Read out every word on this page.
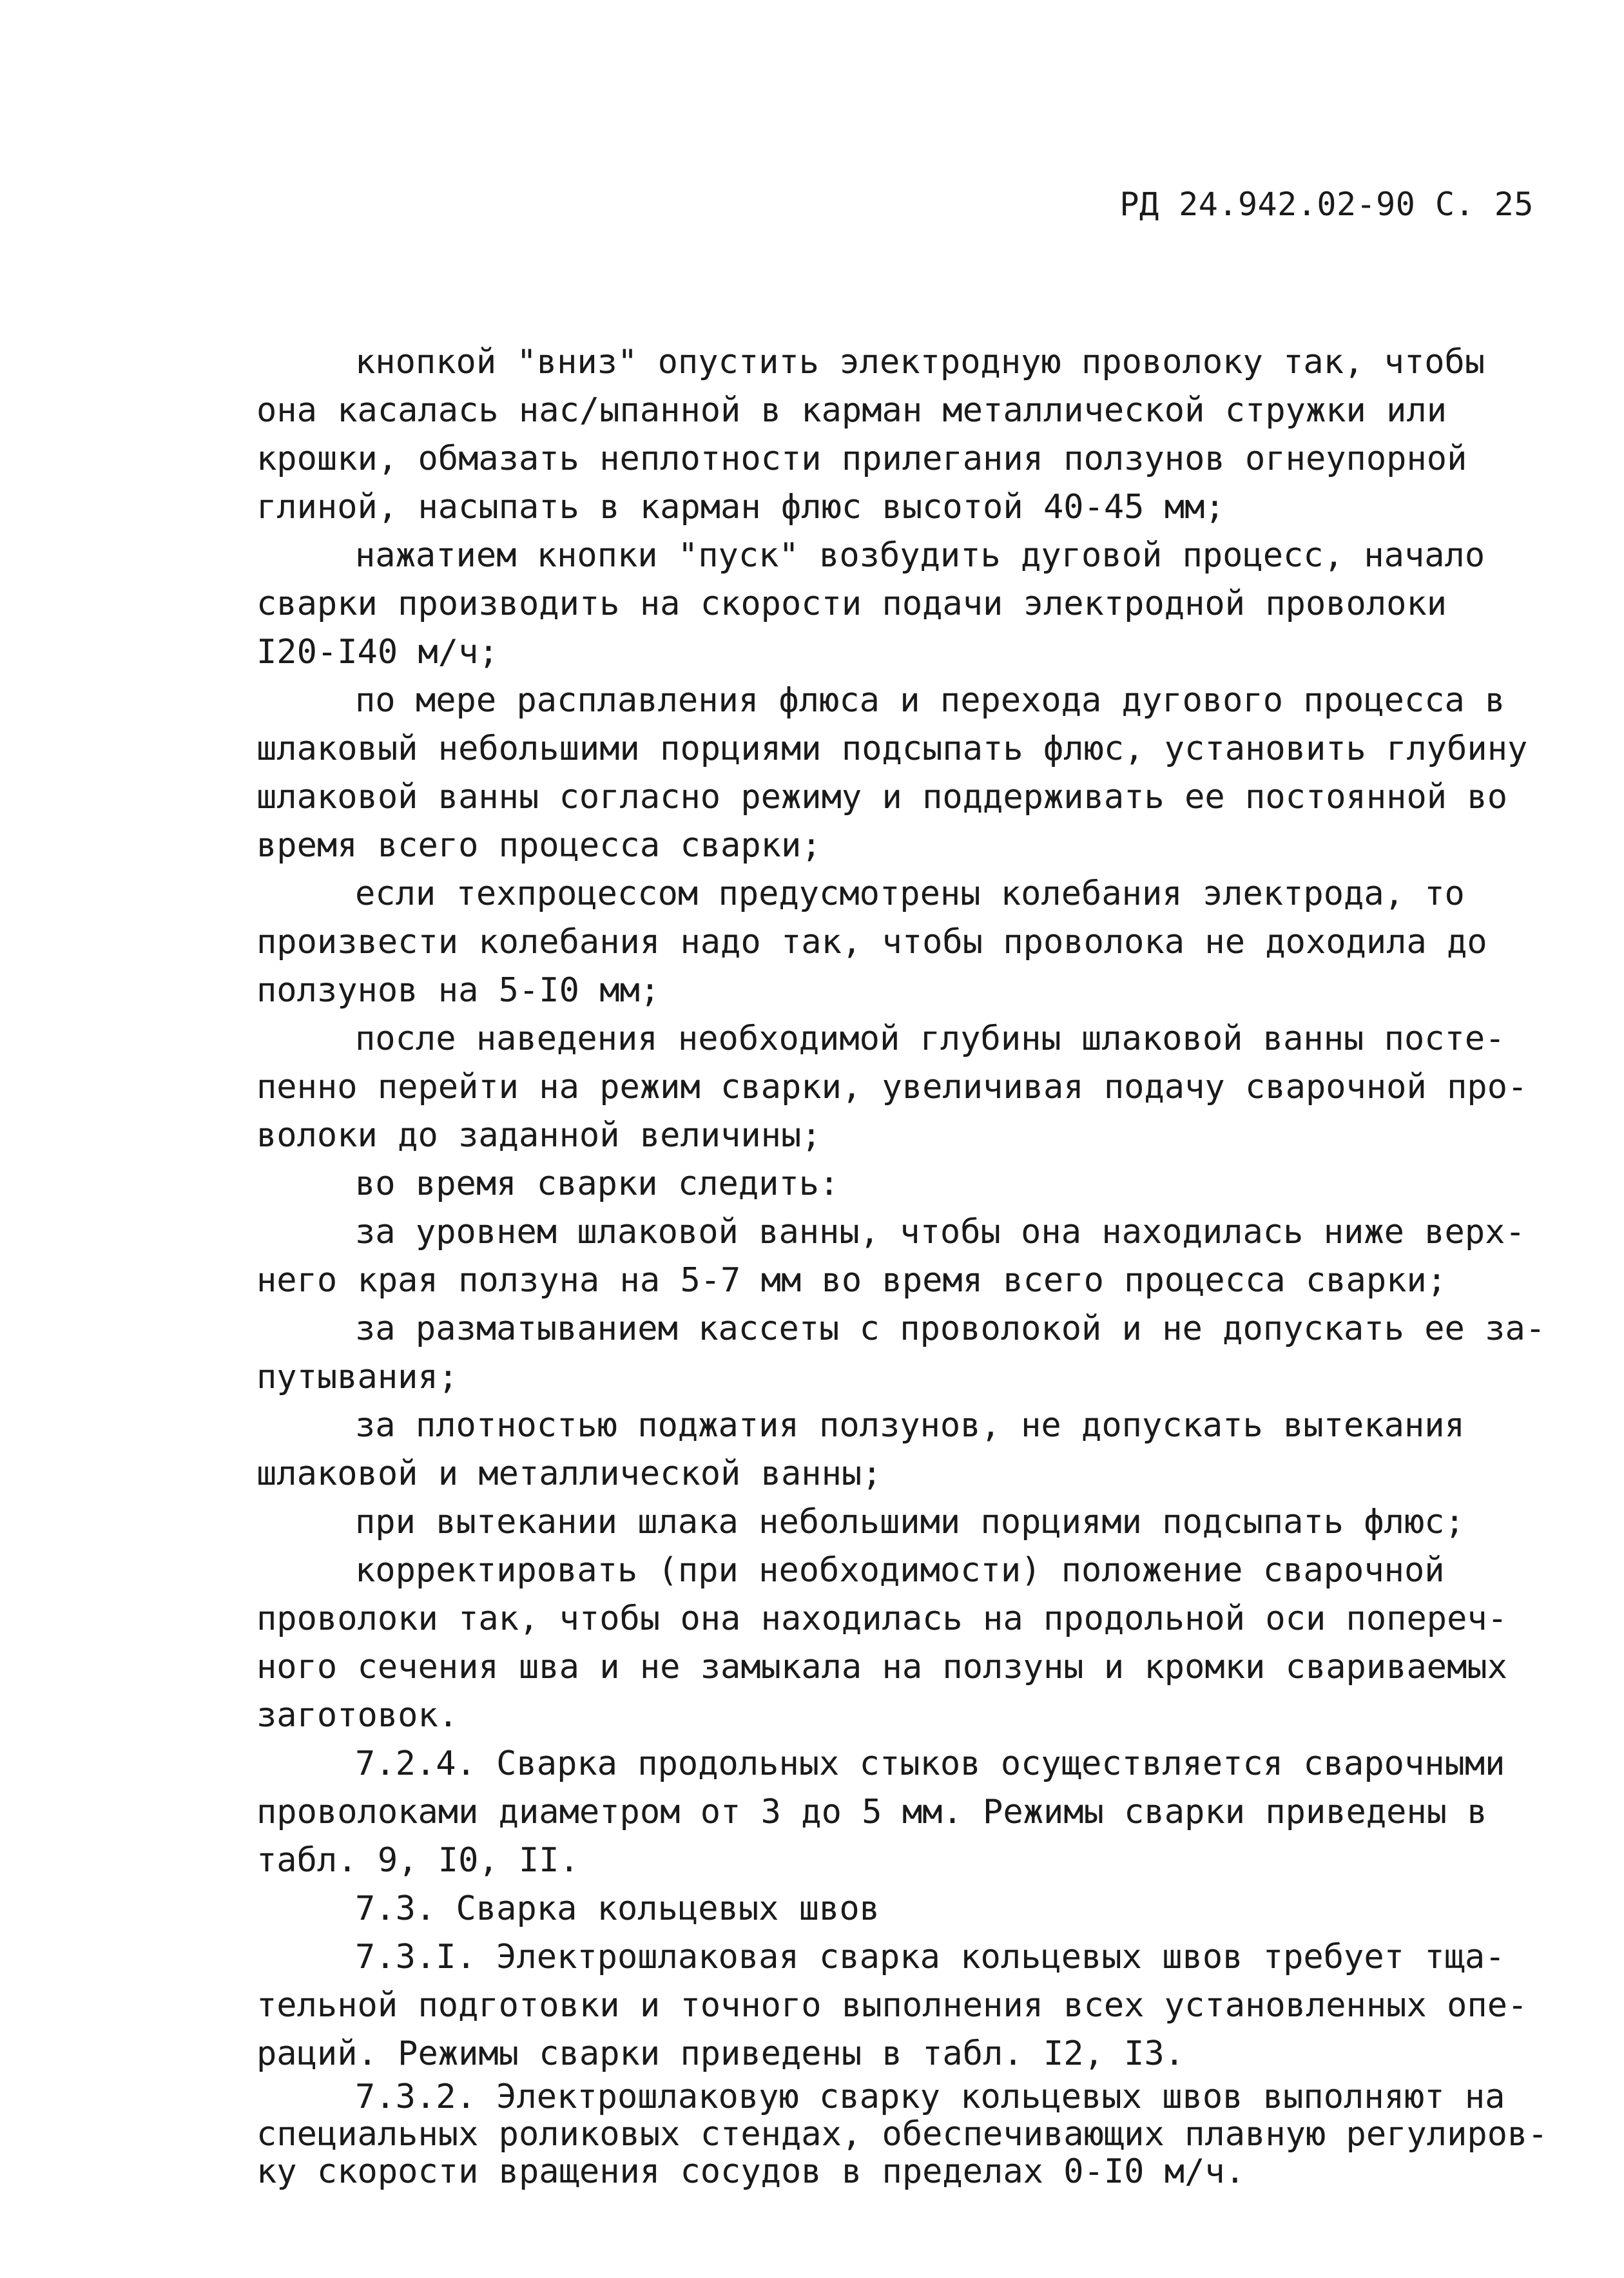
РД 24.942.02-90 С. 25
кнопкой "вниз" опустить электродную проволоку так, чтобы
она касалась нас∕ыпанной в карман металлической стружки или
крошки, обмазать неплотности прилегания ползунов огнеупорной
глиной, насыпать в карман флюс высотой 40-45 мм;
нажатием кнопки "пуск" возбудить дуговой процесс, начало
сварки производить на скорости подачи электродной проволоки
I20-I40 м/ч;
по мере расплавления флюса и перехода дугового процесса в
шлаковый небольшими порциями подсыпать флюс, установить глубину
шлаковой ванны согласно режиму и поддерживать ее постоянной во
время всего процесса сварки;
если техпроцессом предусмотрены колебания электрода, то
произвести колебания надо так, чтобы проволока не доходила до
ползунов на 5-I0 мм;
после наведения необходимой глубины шлаковой ванны посте-
пенно перейти на режим сварки, увеличивая подачу сварочной про-
волоки до заданной величины;
во время сварки следить:
за уровнем шлаковой ванны, чтобы она находилась ниже верх-
него края ползуна на 5-7 мм во время всего процесса сварки;
за разматыванием кассеты с проволокой и не допускать ее за-
путывания;
за плотностью поджатия ползунов, не допускать вытекания
шлаковой и металлической ванны;
при вытекании шлака небольшими порциями подсыпать флюс;
корректировать (при необходимости) положение сварочной
проволоки так, чтобы она находилась на продольной оси попереч-
ного сечения шва и не замыкала на ползуны и кромки свариваемых
заготовок.
7.2.4. Сварка продольных стыков осуществляется сварочными
проволоками диаметром от 3 до 5 мм. Режимы сварки приведены в
табл. 9, I0, II.
7.3. Сварка кольцевых швов
7.3.I. Электрошлаковая сварка кольцевых швов требует тща-
тельной подготовки и точного выполнения всех установленных опе-
раций. Режимы сварки приведены в табл. I2, I3.
7.3.2. Электрошлаковую сварку кольцевых швов выполняют на
специальных роликовых стендах, обеспечивающих плавную регулиров-
ку скорости вращения сосудов в пределах 0-I0 м/ч.
